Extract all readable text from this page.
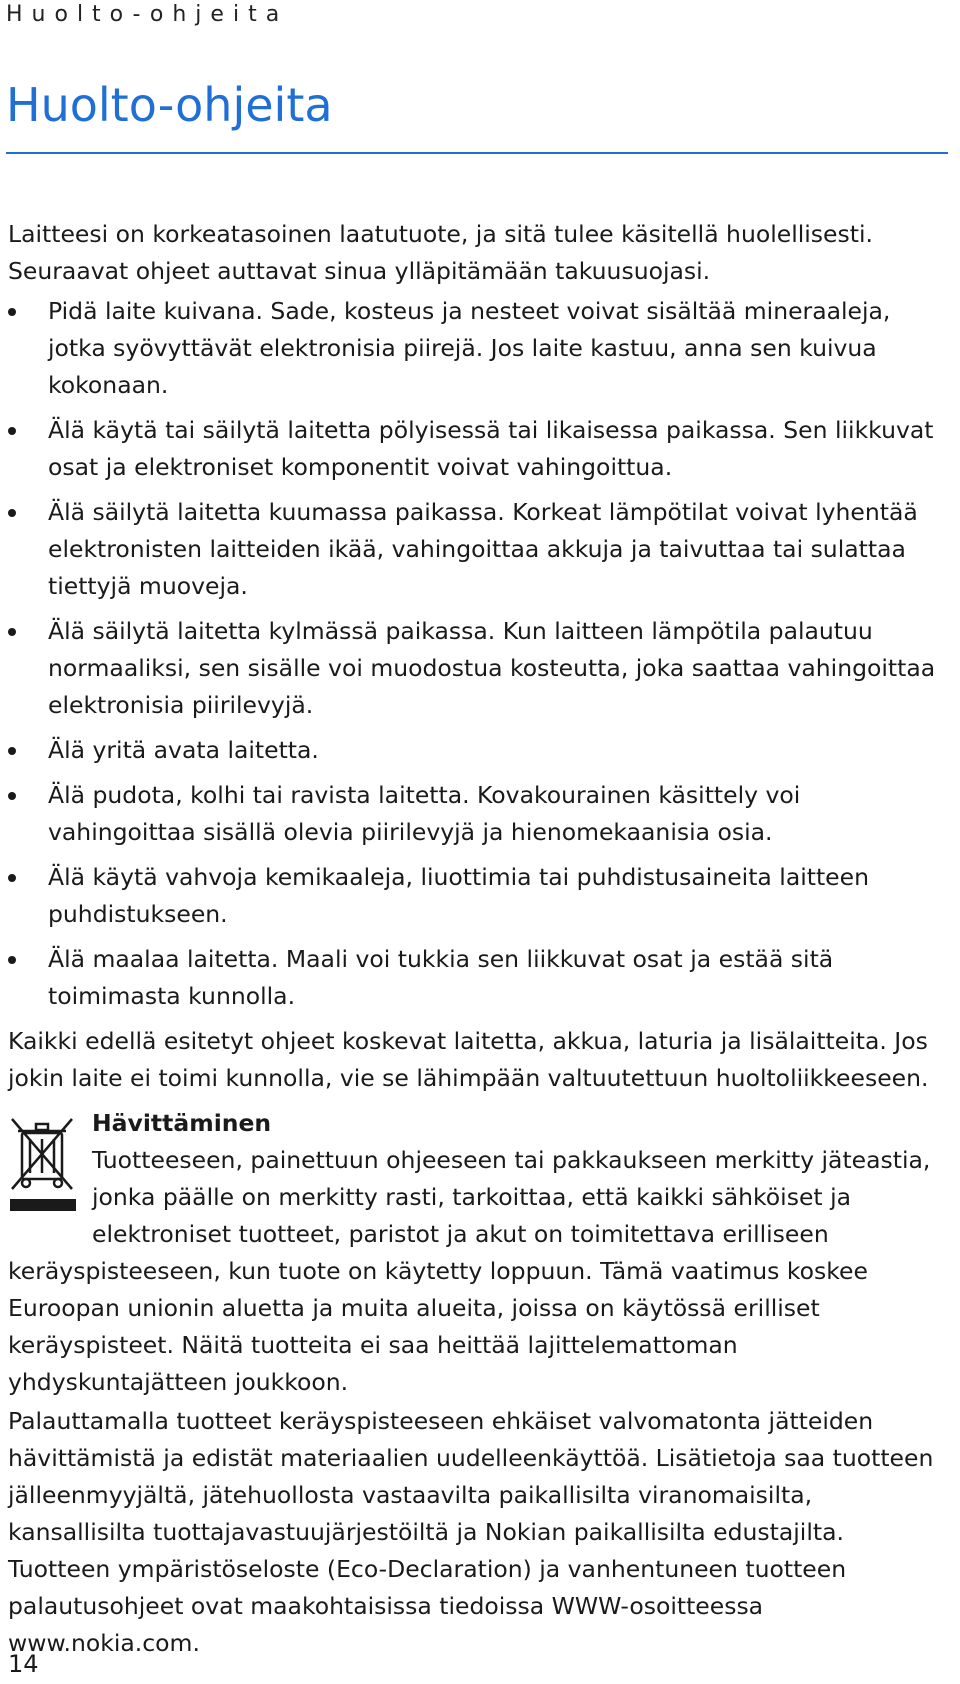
Huolto-ohjeita
Huolto-ohjeita

Laitteesi on korkeatasoinen laatutuote, ja sitä tulee käsitellä huolellisesti. Seuraavat ohjeet auttavat sinua ylläpitämään takuusuojasi.

Pidä laite kuivana. Sade, kosteus ja nesteet voivat sisältää mineraaleja, jotka syövyttävät elektronisia piirejä. Jos laite kastuu, anna sen kuivua kokonaan.
Älä käytä tai säilytä laitetta pölyisessä tai likaisessa paikassa. Sen liikkuvat osat ja elektroniset komponentit voivat vahingoittua.
Älä säilytä laitetta kuumassa paikassa. Korkeat lämpötilat voivat lyhentää elektronisten laitteiden ikää, vahingoittaa akkuja ja taivuttaa tai sulattaa tiettyjä muoveja.
Älä säilytä laitetta kylmässä paikassa. Kun laitteen lämpötila palautuu normaaliksi, sen sisälle voi muodostua kosteutta, joka saattaa vahingoittaa elektronisia piirilevyjä.
Älä yritä avata laitetta.
Älä pudota, kolhi tai ravista laitetta. Kovakourainen käsittely voi vahingoittaa sisällä olevia piirilevyjä ja hienomekaanisia osia.
Älä käytä vahvoja kemikaaleja, liuottimia tai puhdistusaineita laitteen puhdistukseen.
Älä maalaa laitetta. Maali voi tukkia sen liikkuvat osat ja estää sitä toimimasta kunnolla.

Kaikki edellä esitetyt ohjeet koskevat laitetta, akkua, laturia ja lisälaitteita. Jos jokin laite ei toimi kunnolla, vie se lähimpään valtuutettuun huoltoliikkeeseen.

Hävittäminen

Tuotteeseen, painettuun ohjeeseen tai pakkaukseen merkitty jäteastia, jonka päälle on merkitty rasti, tarkoittaa, että kaikki sähköiset ja elektroniset tuotteet, paristot ja akut on toimitettava erilliseen keräyspisteeseen, kun tuote on käytetty loppuun. Tämä vaatimus koskee Euroopan unionin aluetta ja muita alueita, joissa on käytössä erilliset keräyspisteet. Näitä tuotteita ei saa heittää lajittelemattoman yhdyskuntajätteen joukkoon.

Palauttamalla tuotteet keräyspisteeseen ehkäiset valvomatonta jätteiden hävittämistä ja edistät materiaalien uudelleenkäyttöä. Lisätietoja saa tuotteen jälleenmyyjältä, jätehuollosta vastaavilta paikallisilta viranomaisilta, kansallisilta tuottajavastuujärjestöiltä ja Nokian paikallisilta edustajilta. Tuotteen ympäristöseloste (Eco-Declaration) ja vanhentuneen tuotteen palautusohjeet ovat maakohtaisissa tiedoissa WWW-osoitteessa www.nokia.com.

14
